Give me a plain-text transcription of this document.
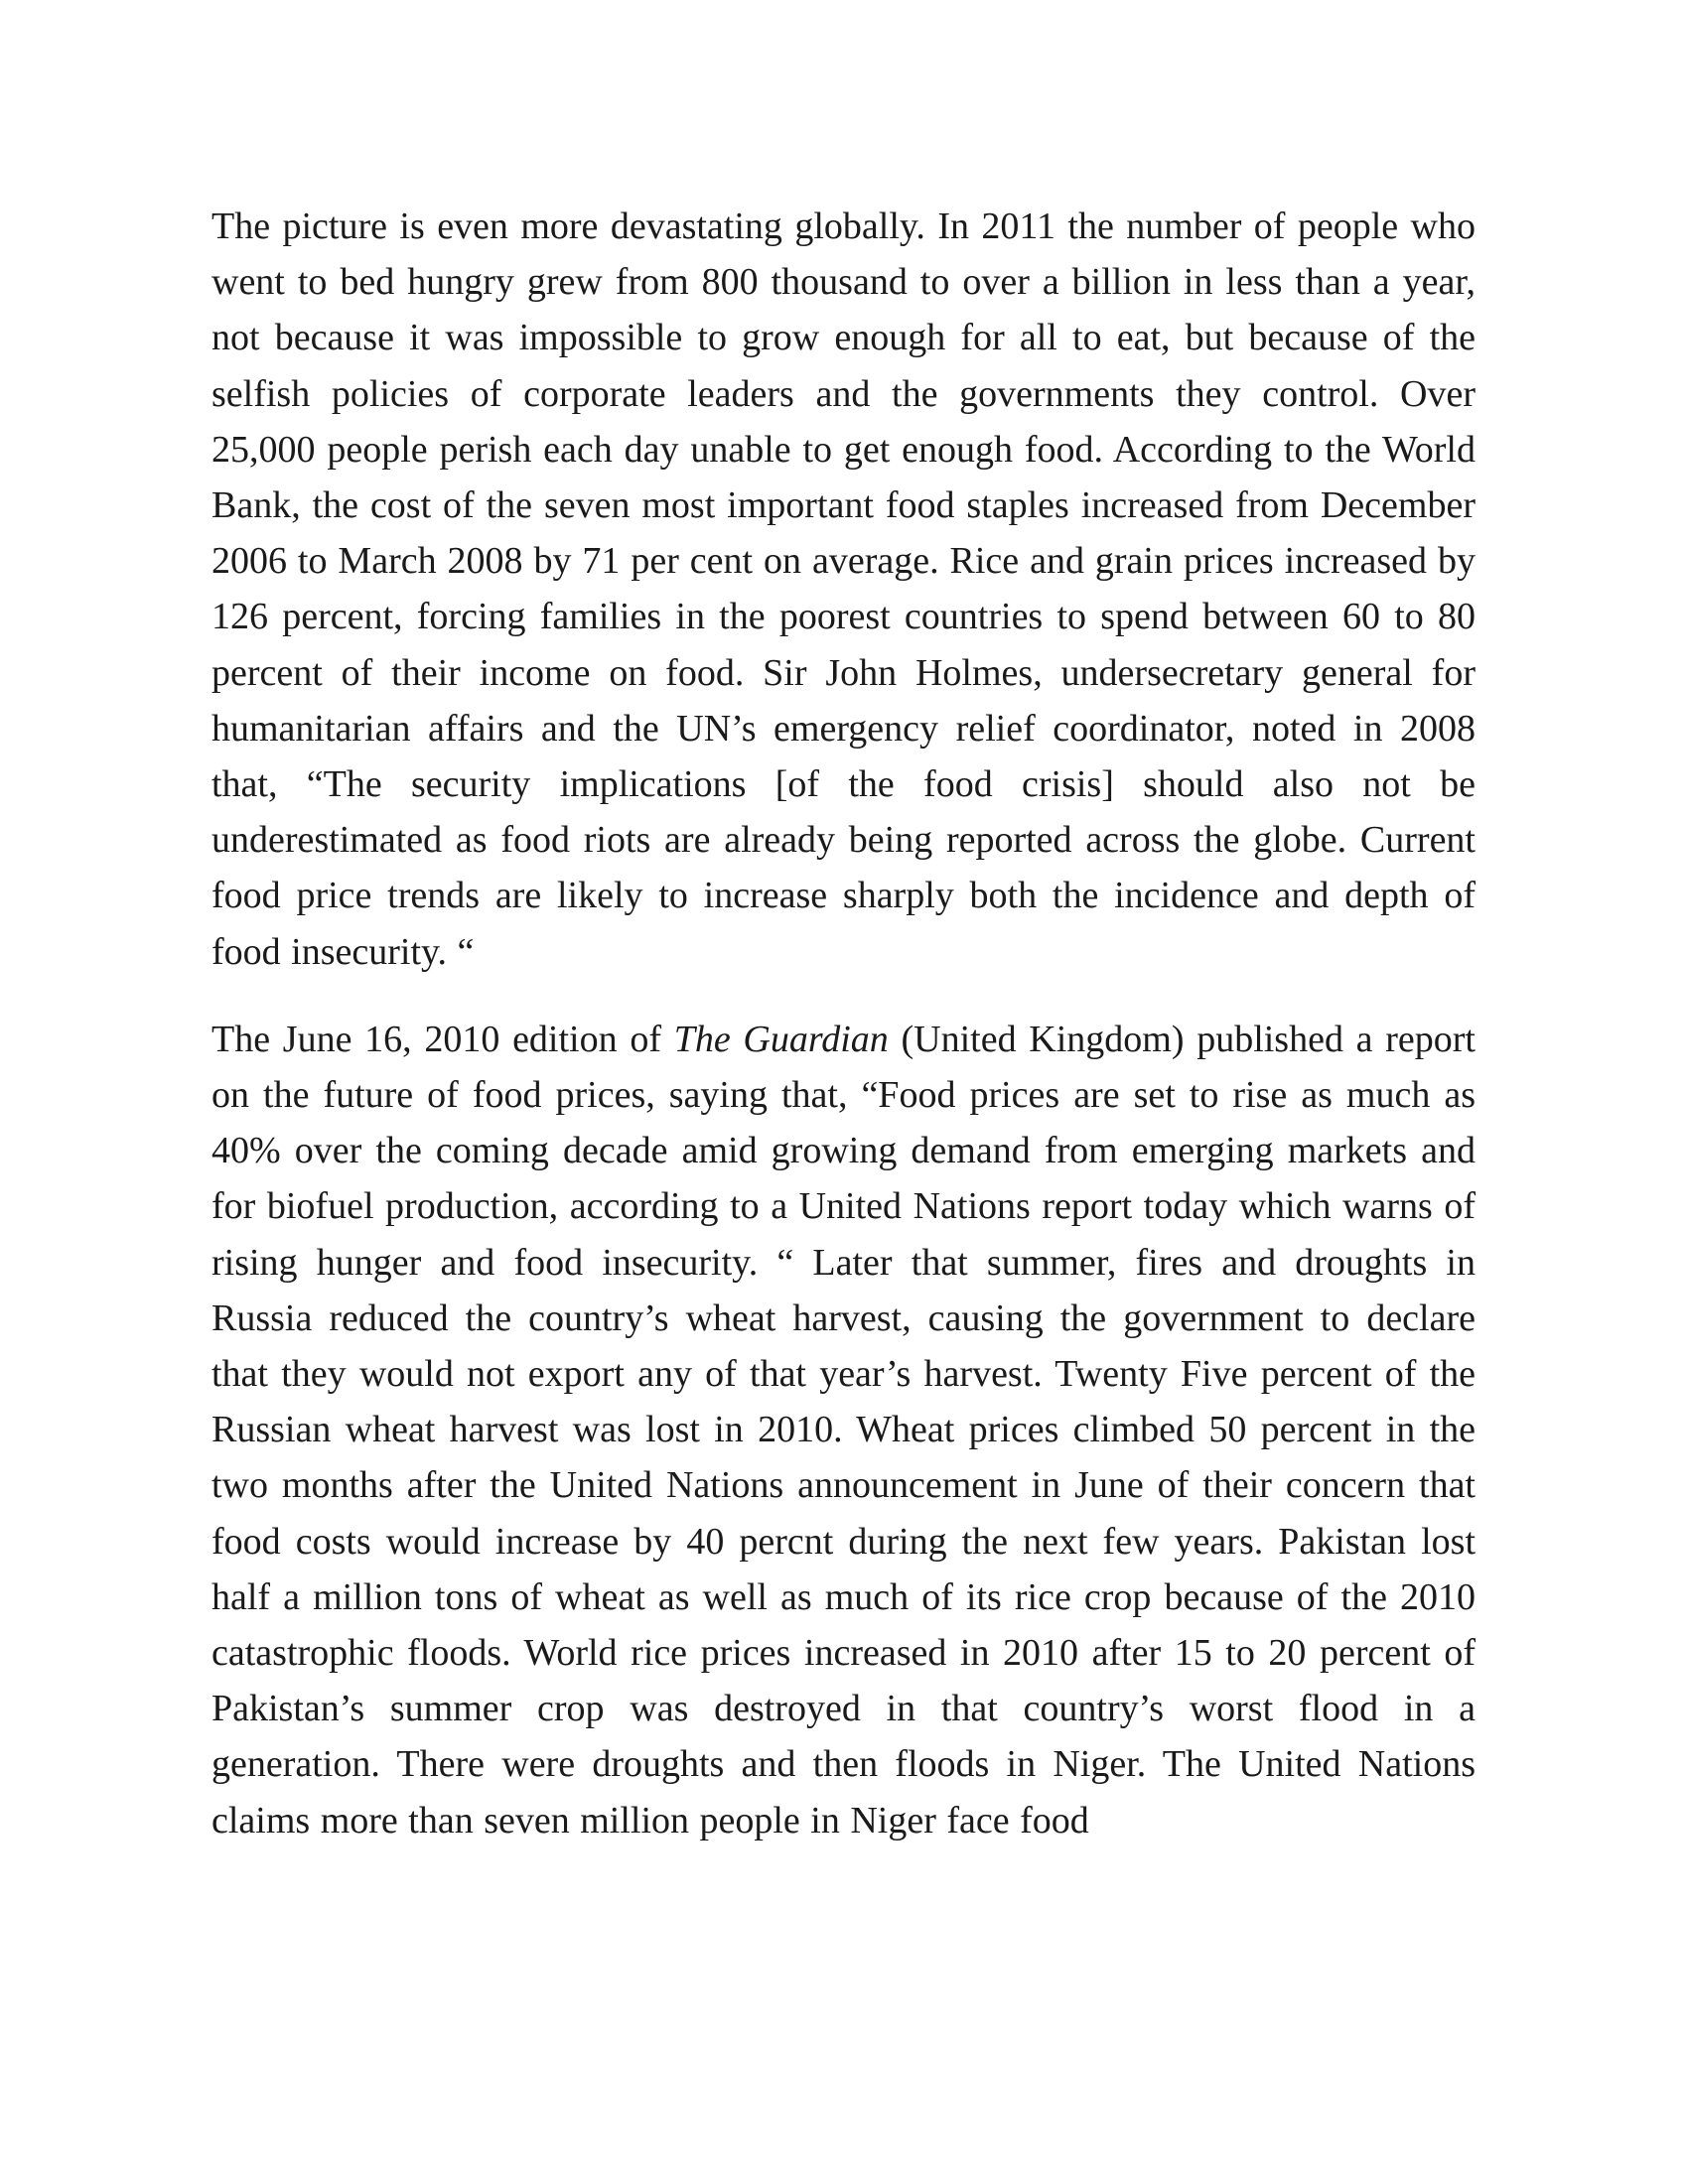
The picture is even more devastating globally. In 2011 the number of people who went to bed hungry grew from 800 thousand to over a billion in less than a year, not because it was impossible to grow enough for all to eat, but because of the selfish policies of corporate leaders and the governments they control. Over 25,000 people perish each day unable to get enough food. According to the World Bank, the cost of the seven most important food staples increased from December 2006 to March 2008 by 71 per cent on average. Rice and grain prices increased by 126 percent, forcing families in the poorest countries to spend between 60 to 80 percent of their income on food. Sir John Holmes, undersecretary general for humanitarian affairs and the UN’s emergency relief coordinator, noted in 2008 that, “The security implications [of the food crisis] should also not be underestimated as food riots are already being reported across the globe. Current food price trends are likely to increase sharply both the incidence and depth of food insecurity. “

The June 16, 2010 edition of The Guardian (United Kingdom) published a report on the future of food prices, saying that, “Food prices are set to rise as much as 40% over the coming decade amid growing demand from emerging markets and for biofuel production, according to a United Nations report today which warns of rising hunger and food insecurity. “ Later that summer, fires and droughts in Russia reduced the country’s wheat harvest, causing the government to declare that they would not export any of that year’s harvest. Twenty Five percent of the Russian wheat harvest was lost in 2010. Wheat prices climbed 50 percent in the two months after the United Nations announcement in June of their concern that food costs would increase by 40 percnt during the next few years. Pakistan lost half a million tons of wheat as well as much of its rice crop because of the 2010 catastrophic floods. World rice prices increased in 2010 after 15 to 20 percent of Pakistan’s summer crop was destroyed in that country’s worst flood in a generation. There were droughts and then floods in Niger. The United Nations claims more than seven million people in Niger face food
